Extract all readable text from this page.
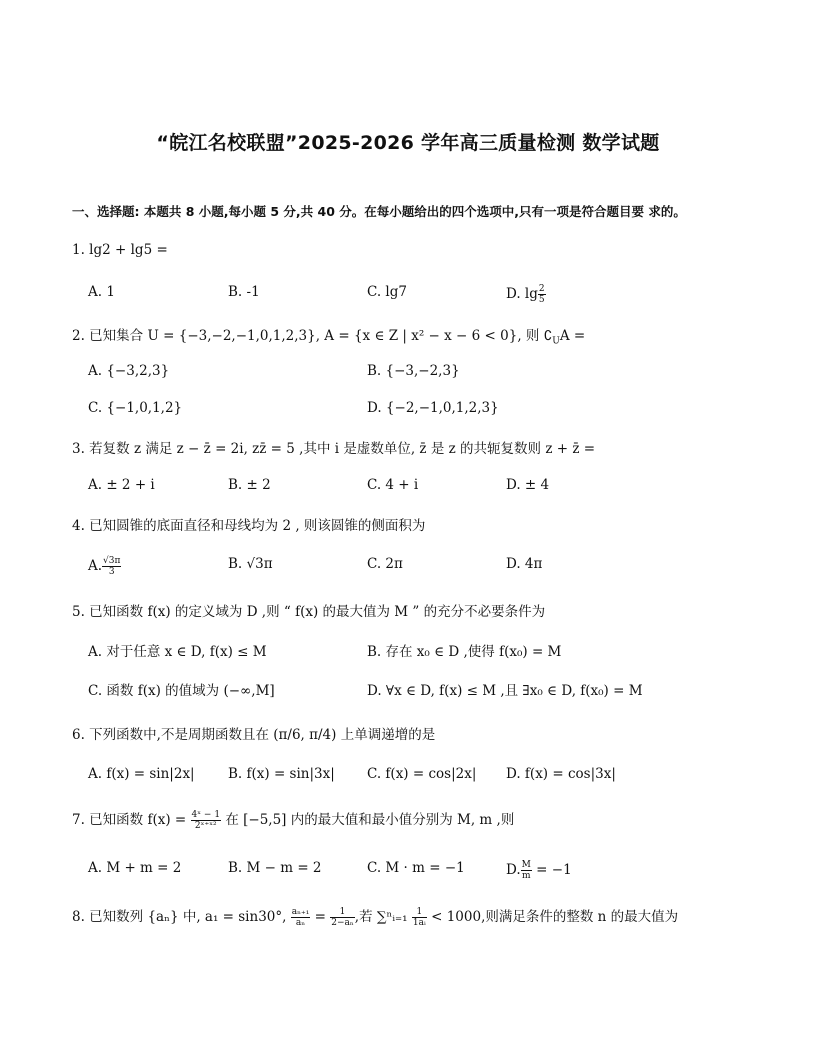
“皖江名校联盟”2025-2026 学年高三质量检测 数学试题
一、选择题: 本题共 8 小题,每小题 5 分,共 40 分。在每小题给出的四个选项中,只有一项是符合题目要 求的。
1. lg2 + lg5 =
A. 1	B. -1	C. lg7	D. $\lg \frac{2}{5}$
2. 已知集合 U = {−3,−2,−1,0,1,2,3}, A = {x ∈ Z | x² − x − 6 < 0}, 则 $∁_UA$ =
A. {−3,2,3}	B. {−3,−2,3}
C. {−1,0,1,2}	D. {−2,−1,0,1,2,3}
3. 若复数 z 满足 z − z̄ = 2i, zz̄ = 5 ,其中 i 是虚数单位, z̄ 是 z 的共轭复数则 z + z̄ =
A. ± 2 + i	B. ± 2	C. 4 + i	D. ± 4
4. 已知圆锥的底面直径和母线均为 2 , 则该圆锥的侧面积为
A. $\frac{√3\pi}{3}$	B. √3π	C. 2π	D. 4π
5. 已知函数 f(x) 的定义域为 D ,则 “ f(x) 的最大值为 M ” 的充分不必要条件为
A. 对于任意 x ∈ D, f(x) ≤ M	B. 存在 x₀ ∈ D ,使得 f(x₀) = M
C. 函数 f(x) 的值域为 (−∞,M]	D. ∀x ∈ D, f(x) ≤ M ,且 ∃x₀ ∈ D, f(x₀) = M
6. 下列函数中,不是周期函数且在 (π/6, π/4) 上单调递增的是
A. f(x) = sin|2x| B. f(x) = sin|3x| C. f(x) = cos|2x| D. f(x) = cos|3x|
7. 已知函数 $f(x) = \frac{\text{4ˣ − 1}}{\text{2ˣ⁺ˣ²}}$ 在 [−5,5] 内的最大值和最小值分别为 M, m ,则
A. M + m = 2	B. M − m = 2	C. M · m = −1	D. $\frac{M}{m} = -1$
8. 已知数列 {aₙ} 中, a₁ = sin30°, $\frac{\text{aₙ₊₁}}{\text{aₙ}} = \frac{1}{\text{2−aₙ}}$ ,若 ∑ⁿᵢ₌₁ $\frac{1}{\text{1aᵢ}} < 1000$,则满足条件的整数 n 的最大值为
